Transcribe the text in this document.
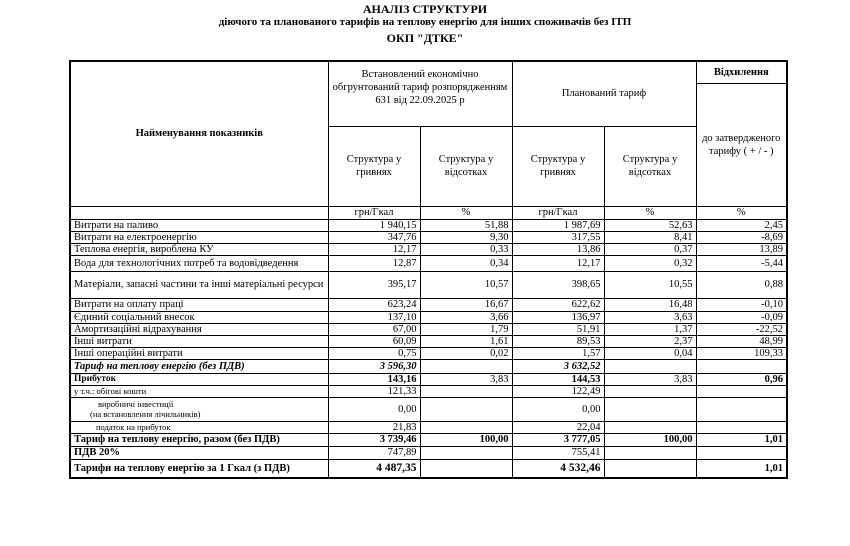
АНАЛІЗ СТРУКТУРИ
діючого та планованого тарифів на теплову енергію для інших споживачів без ІТП
ОКП "ДТКЕ"
Найменування показників	Встановлений економічно обгрунтований тариф розпорядженням 631 від 22.09.2025 р		Планований тариф		Відхилення
					до затвердженого тарифу ( + / - )
	Структура у гривнях	Структура у відсотках	Структура у гривнях	Структура у відсотках	
	грн/Гкал	%	грн/Гкал	%	%
Витрати на паливо	1 940,15	51,88	1 987,69	52,63	2,45
Витрати на електроенергію	347,76	9,30	317,55	8,41	-8,69
Теплова енергія, вироблена КУ	12,17	0,33	13,86	0,37	13,89
Вода для технологічних потреб та водовідведення	12,87	0,34	12,17	0,32	-5,44
Матеріали, запасні частини та інші матеріальні ресурси	395,17	10,57	398,65	10,55	0,88
Витрати на оплату праці	623,24	16,67	622,62	16,48	-0,10
Єдиний соціальний внесок	137,10	3,66	136,97	3,63	-0,09
Амортизаційні відрахування	67,00	1,79	51,91	1,37	-22,52
Інші витрати	60,09	1,61	89,53	2,37	48,99
Інші операційні витрати	0,75	0,02	1,57	0,04	109,33
Тариф на теплову енергію (без ПДВ)	3 596,30		3 632,52		
Прибуток	143,16	3,83	144,53	3,83	0,96
у т.ч.: обігові кошти	121,33		122,49		

виробничі інвестиції
(на встановлення лічильників)	0,00		0,00		
податок на прибуток	21,83		22,04		
Тариф на теплову енергію, разом (без ПДВ)	3 739,46	100,00	3 777,05	100,00	1,01
ПДВ 20%	747,89		755,41		
Тарифи на теплову енергію за 1 Гкал (з ПДВ)	4 487,35		4 532,46		1,01
